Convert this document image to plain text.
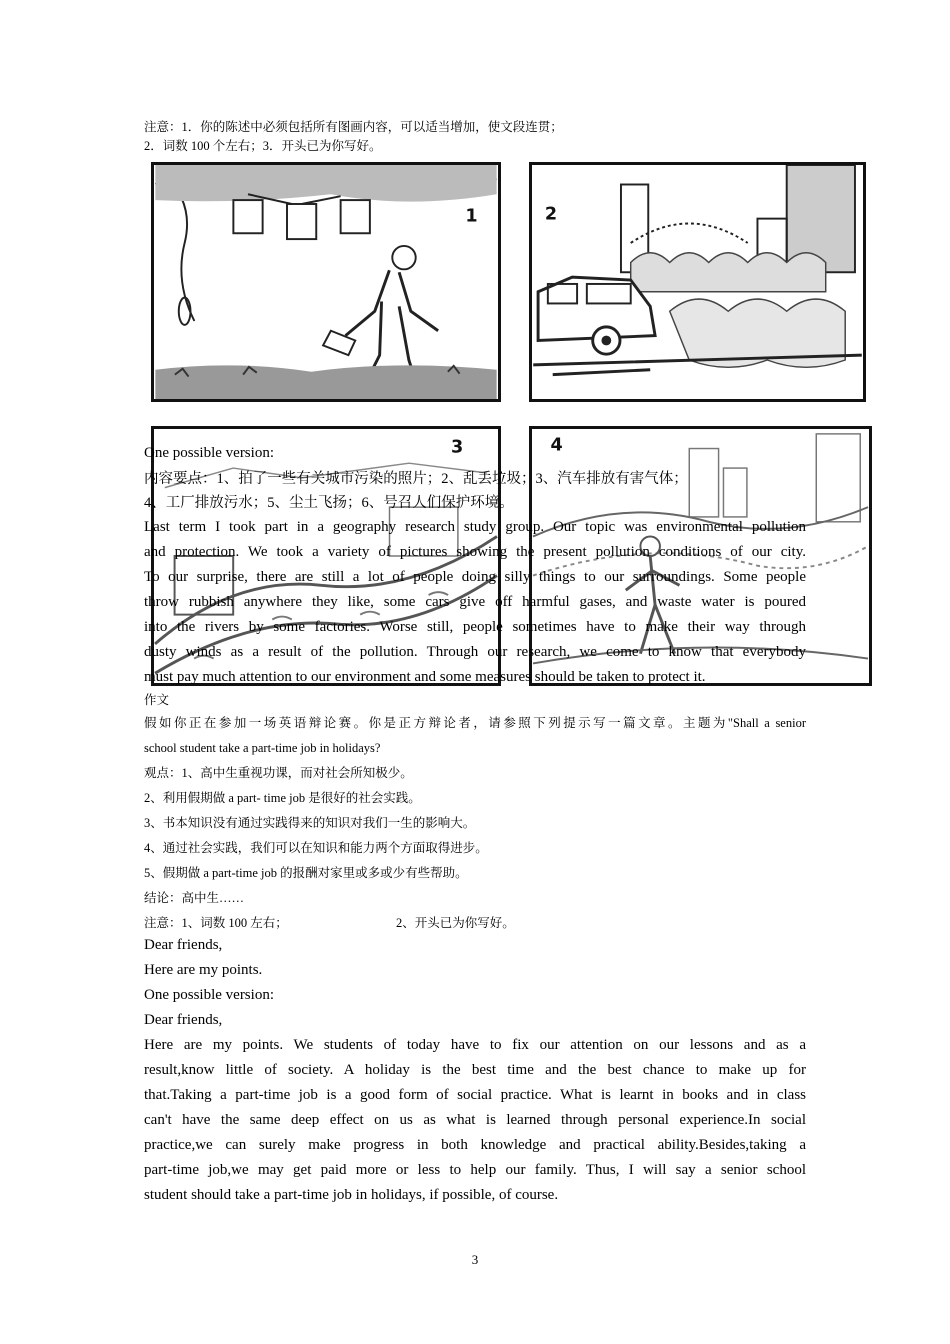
注意：1．你的陈述中必须包括所有图画内容，可以适当增加，使文段连贯；
2．词数 100 个左右；3．开头已为你写好。
1	2
3	4
One possible version:
内容要点：1、拍了一些有关城市污染的照片；2、乱丢垃圾；3、汽车排放有害气体；
4、工厂排放污水；5、尘土飞扬；6、号召人们保护环境。
Last term I took part in a geography research study group. Our topic was environmental pollution
and protection. We took a variety of pictures showing the present pollution conditions of our city.
To our surprise, there are still a lot of people doing silly things to our surroundings. Some people
throw rubbish anywhere they like, some cars give off harmful gases, and waste water is poured
into the rivers by some factories. Worse still, people sometimes have to make their way through
dusty winds as a result of the pollution. Through our research, we come to know that everybody
must pay much attention to our environment and some measures should be taken to protect it.
作文
假如你正在参加一场英语辩论赛。你是正方辩论者，请参照下列提示写一篇文章。主题为"Shall a senior
school student take a part-time job in holidays?
观点：1、高中生重视功课，而对社会所知极少。
2、利用假期做 a part- time job 是很好的社会实践。
3、书本知识没有通过实践得来的知识对我们一生的影响大。
4、通过社会实践，我们可以在知识和能力两个方面取得进步。
5、假期做 a part-time job 的报酬对家里或多或少有些帮助。
结论：高中生……
注意：1、词数 100 左右；	2、开头已为你写好。
Dear friends,
Here are my points.
One possible version:
Dear friends,
Here are my points. We students of today have to fix our attention on our lessons and as a
result,know little of society. A holiday is the best time and the best chance to make up for
that.Taking a part-time job is a good form of social practice. What is learnt in books and in class
can't have the same deep effect on us as what is learned through personal experience.In social
practice,we can surely make progress in both knowledge and practical ability.Besides,taking a
part-time job,we may get paid more or less to help our family. Thus, I will say a senior school
student should take a part-time job in holidays, if possible, of course.
3
